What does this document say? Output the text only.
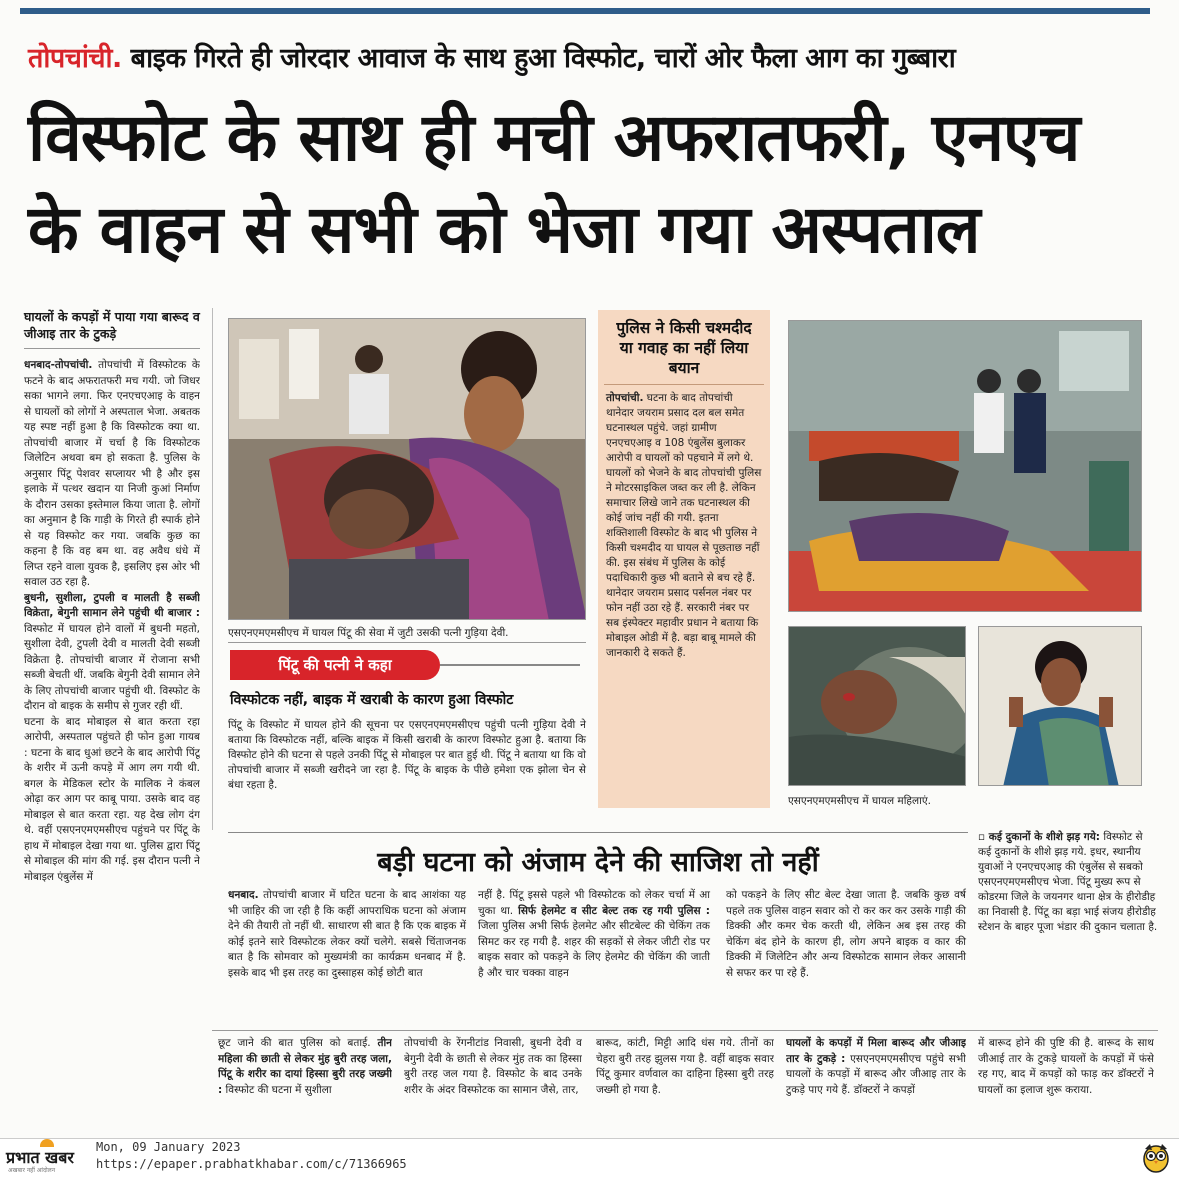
तोपचांची. बाइक गिरते ही जोरदार आवाज के साथ हुआ विस्फोट, चारों ओर फैला आग का गुब्बारा
विस्फोट के साथ ही मची अफरातफरी, एनएच
के वाहन से सभी को भेजा गया अस्पताल
घायलों के कपड़ों में पाया गया बारूद व जीआइ तार के टुकड़े
धनबाद-तोपचांची. तोपचांची में विस्फोटक के फटने के बाद अफरातफरी मच गयी. जो जिधर सका भागने लगा. फिर एनएचएआइ के वाहन से घायलों को लोगों ने अस्पताल भेजा. अबतक यह स्पष्ट नहीं हुआ है कि विस्फोटक क्या था. तोपचांची बाजार में चर्चा है कि विस्फोटक जिलेटिन अथवा बम हो सकता है. पुलिस के अनुसार पिंटू पेशवर सप्लायर भी है और इस इलाके में पत्थर खदान या निजी कुआं निर्माण के दौरान उसका इस्तेमाल किया जाता है. लोगों का अनुमान है कि गाड़ी के गिरते ही स्पार्क होने से यह विस्फोट कर गया. जबकि कुछ का कहना है कि वह बम था. वह अवैध धंधे में लिप्त रहने वाला युवक है, इसलिए इस ओर भी सवाल उठ रहा है.
बुधनी, सुशीला, टुपली व मालती है सब्जी विक्रेता, बेगुनी सामान लेने पहुंची थी बाजार : विस्फोट में घायल होने वालों में बुधनी महतो, सुशीला देवी, टुपली देवी व मालती देवी सब्जी विक्रेता है. तोपचांची बाजार में रोजाना सभी सब्जी बेचती थीं. जबकि बेगुनी देवी सामान लेने के लिए तोपचांची बाजार पहुंची थी. विस्फोट के दौरान वो बाइक के समीप से गुजर रही थीं.
घटना के बाद मोबाइल से बात करता रहा आरोपी, अस्पताल पहुंचते ही फोन हुआ गायब : घटना के बाद धुआं छटने के बाद आरोपी पिंटू के शरीर में ऊनी कपड़े में आग लग गयी थी. बगल के मेडिकल स्टोर के मालिक ने कंबल ओढ़ा कर आग पर काबू पाया. उसके बाद वह मोबाइल से बात करता रहा. यह देख लोग दंग थे. वहीं एसएनएमएमसीएच पहुंचने पर पिंटू के हाथ में मोबाइल देखा गया था. पुलिस द्वारा पिंटू से मोबाइल की मांग की गई. इस दौरान पत्नी ने मोबाइल एंबुलेंस में
एसएनएमएमसीएच में घायल पिंटू की सेवा में जुटी उसकी पत्नी गुड़िया देवी.
पिंटू की पत्नी ने कहा
विस्फोटक नहीं, बाइक में खराबी के कारण हुआ विस्फोट
पिंटू के विस्फोट में घायल होने की सूचना पर एसएनएमएमसीएच पहुंची पत्नी गुड़िया देवी ने बताया कि विस्फोटक नहीं, बल्कि बाइक में किसी खराबी के कारण विस्फोट हुआ है. बताया कि विस्फोट होने की घटना से पहले उनकी पिंटू से मोबाइल पर बात हुई थी. पिंटू ने बताया था कि वो तोपचांची बाजार में सब्जी खरीदने जा रहा है. पिंटू के बाइक के पीछे हमेशा एक झोला चेन से बंधा रहता है.
पुलिस ने किसी चश्मदीद या गवाह का नहीं लिया बयान
तोपचांची. घटना के बाद तोपचांची थानेदार जयराम प्रसाद दल बल समेत घटनास्थल पहुंचे. जहां ग्रामीण एनएचएआइ व 108 एंबुलेंस बुलाकर आरोपी व घायलों को पहचाने में लगे थे. घायलों को भेजने के बाद तोपचांची पुलिस ने मोटरसाइकिल जब्त कर ली है. लेकिन समाचार लिखे जाने तक घटनास्थल की कोई जांच नहीं की गयी. इतना शक्तिशाली विस्फोट के बाद भी पुलिस ने किसी चश्मदीद या घायल से पूछताछ नहीं की. इस संबंध में पुलिस के कोई पदाधिकारी कुछ भी बताने से बच रहे हैं. थानेदार जयराम प्रसाद पर्सनल नंबर पर फोन नहीं उठा रहे हैं. सरकारी नंबर पर सब इंस्पेक्टर महावीर प्रधान ने बताया कि मोबाइल ओडी में है. बड़ा बाबू मामले की जानकारी दे सकते हैं.
एसएनएमएमसीएच में घायल महिलाएं.
बड़ी घटना को अंजाम देने की साजिश तो नहीं
धनबाद. तोपचांची बाजार में घटित घटना के बाद आशंका यह भी जाहिर की जा रही है कि कहीं आपराधिक घटना को अंजाम देने की तैयारी तो नहीं थी. साधारण सी बात है कि एक बाइक में कोई इतने सारे विस्फोटक लेकर क्यों चलेगे. सबसे चिंताजनक बात है कि सोमवार को मुख्यमंत्री का कार्यक्रम धनबाद में है. इसके बाद भी इस तरह का दुस्साहस कोई छोटी बात
नहीं है. पिंटू इससे पहले भी विस्फोटक को लेकर चर्चा में आ चुका था. सिर्फ हेलमेट व सीट बेल्ट तक रह गयी पुलिस : जिला पुलिस अभी सिर्फ हेलमेट और सीटबेल्ट की चेकिंग तक सिमट कर रह गयी है. शहर की सड़कों से लेकर जीटी रोड पर बाइक सवार को पकड़ने के लिए हेलमेट की चेकिंग की जाती है और चार चक्का वाहन
को पकड़ने के लिए सीट बेल्ट देखा जाता है. जबकि कुछ वर्ष पहले तक पुलिस वाहन सवार को रो कर कर कर उसके गाड़ी की डिक्की और कमर चेक करती थी, लेकिन अब इस तरह की चेकिंग बंद होने के कारण ही, लोग अपने बाइक व कार की डिक्की में जिलेटिन और अन्य विस्फोटक सामान लेकर आसानी से सफर कर पा रहे हैं.
▫ कई दुकानों के शीशे झड़ गये: विस्फोट से कई दुकानों के शीशे झड़ गये. इधर, स्थानीय युवाओं ने एनएचएआइ की एंबुलेंस से सबको एसएनएमएमसीएच भेजा. पिंटू मुख्य रूप से कोडरमा जिले के जयनगर थाना क्षेत्र के हीरोडीह का निवासी है. पिंटू का बड़ा भाई संजय हीरोडीह स्टेशन के बाहर पूजा भंडार की दुकान चलाता है.
छूट जाने की बात पुलिस को बताई. तीन महिला की छाती से लेकर मुंह बुरी तरह जला, पिंटू के शरीर का दायां हिस्सा बुरी तरह जख्मी : विस्फोट की घटना में सुशीला
तोपचांची के रेंगनीटांड निवासी, बुधनी देवी व बेगुनी देवी के छाती से लेकर मुंह तक का हिस्सा बुरी तरह जल गया है. विस्फोट के बाद उनके शरीर के अंदर विस्फोटक का सामान जैसे, तार,
बारूद, कांटी, मिट्टी आदि धंस गये. तीनों का चेहरा बुरी तरह झुलस गया है. वहीं बाइक सवार पिंटू कुमार वर्णवाल का दाहिना हिस्सा बुरी तरह जख्मी हो गया है.
घायलों के कपड़ों में मिला बारूद और जीआइ तार के टुकड़े : एसएनएमएमसीएच पहुंचे सभी घायलों के कपड़ों में बारूद और जीआइ तार के टुकड़े पाए गये हैं. डॉक्टरों ने कपड़ों
में बारूद होने की पुष्टि की है. बारूद के साथ जीआई तार के टुकड़े घायलों के कपड़ों में फंसे रह गए, बाद में कपड़ों को फाड़ कर डॉक्टरों ने घायलों का इलाज शुरू कराया.
प्रभात खबर
अखबार नहीं आंदोलन
Mon, 09 January 2023
https://epaper.prabhatkhabar.com/c/71366965
